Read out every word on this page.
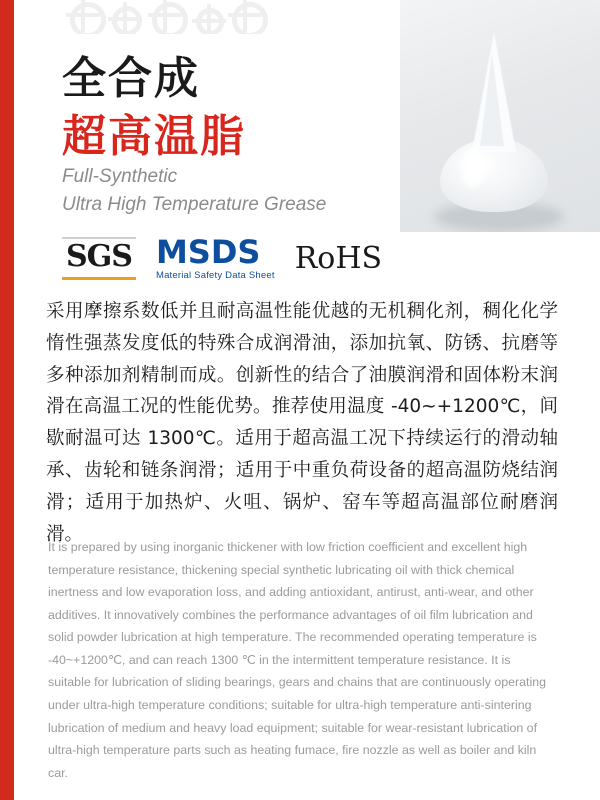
全合成
超高温脂
Full-Synthetic
Ultra High Temperature Grease
SGS MSDS
Material Safety Data Sheet RoHS
采用摩擦系数低并且耐高温性能优越的无机稠化剂，稠化化学惰性强蒸发度低的特殊合成润滑油，添加抗氧、防锈、抗磨等多种添加剂精制而成。创新性的结合了油膜润滑和固体粉末润滑在高温工况的性能优势。推荐使用温度 -40~+1200℃，间歇耐温可达 1300℃。适用于超高温工况下持续运行的滑动轴承、齿轮和链条润滑；适用于中重负荷设备的超高温防烧结润滑；适用于加热炉、火咀、锅炉、窑车等超高温部位耐磨润滑。
It is prepared by using inorganic thickener with low friction coefficient and excellent high temperature resistance, thickening special synthetic lubricating oil with thick chemical inertness and low evaporation loss, and adding antioxidant, antirust, anti-wear, and other additives. It innovatively combines the performance advantages of oil film lubrication and solid powder lubrication at high temperature. The recommended operating temperature is -40~+1200℃, and can reach 1300 ℃ in the intermittent temperature resistance. It is suitable for lubrication of sliding bearings, gears and chains that are continuously operating under ultra-high temperature conditions; suitable for ultra-high temperature anti-sintering lubrication of medium and heavy load equipment; suitable for wear-resistant lubrication of ultra-high temperature parts such as heating fumace, fire nozzle as well as boiler and kiln car.
